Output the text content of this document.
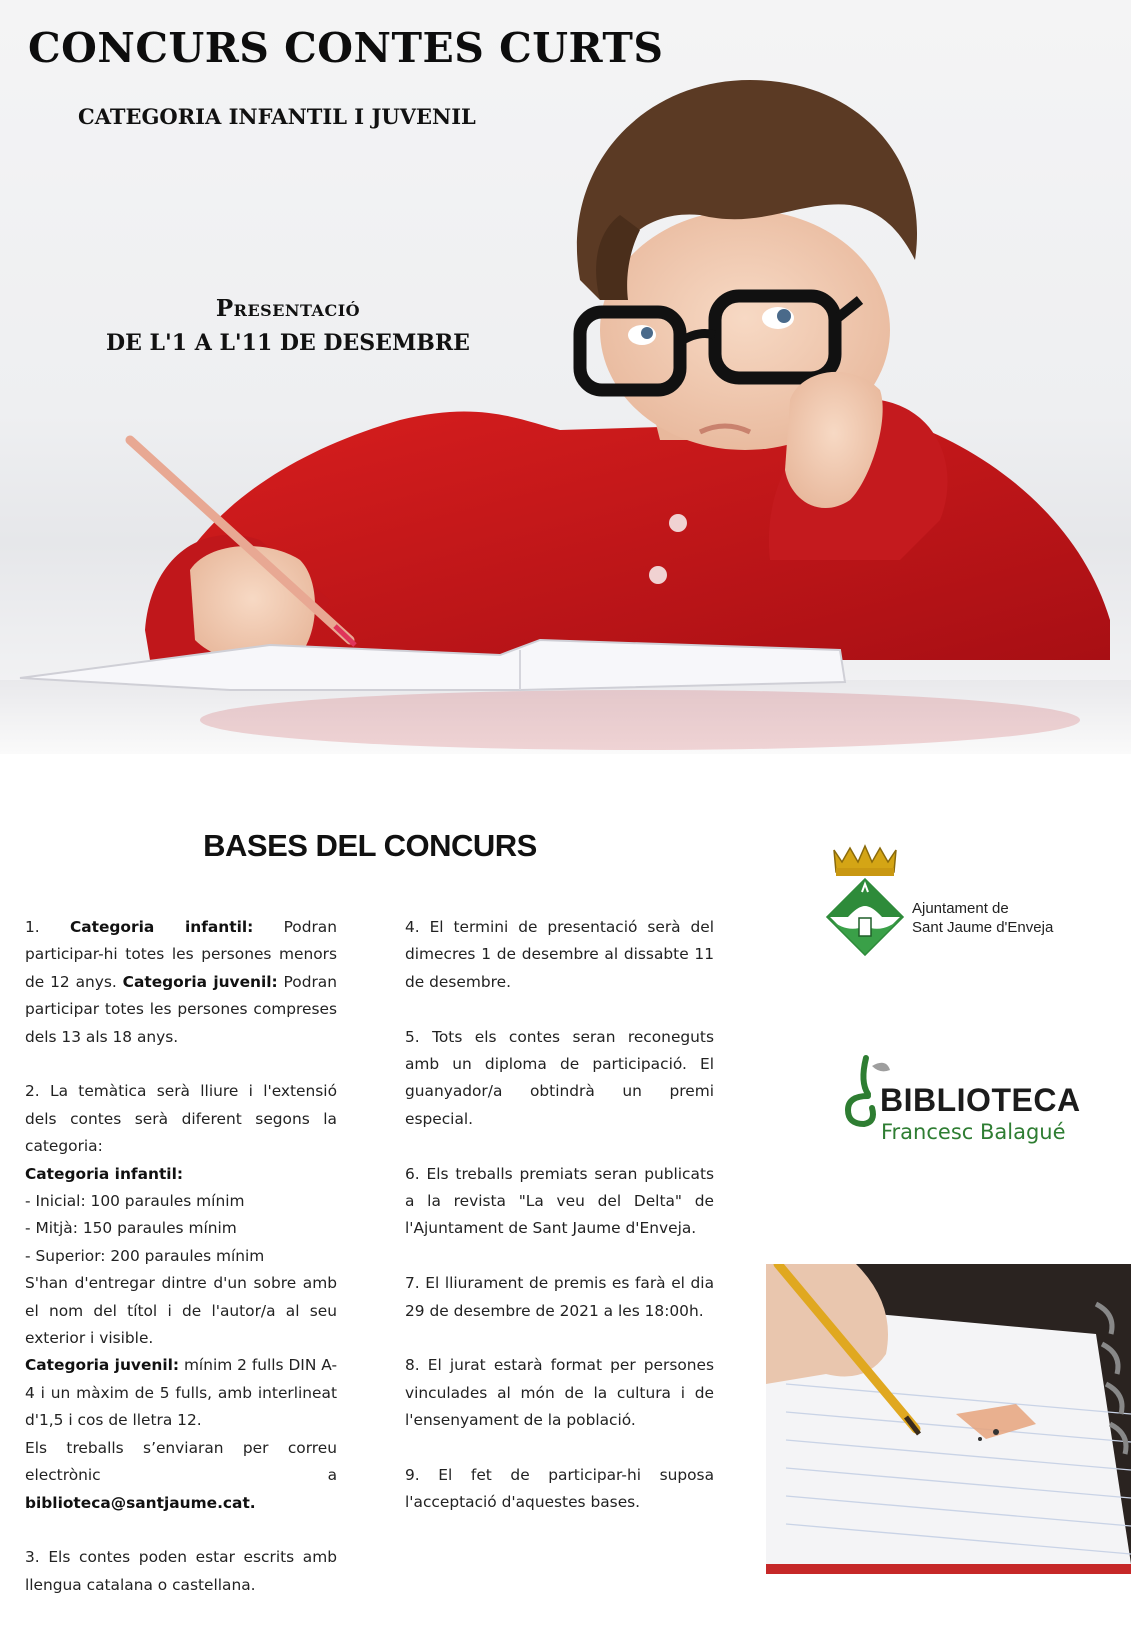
CONCURS CONTES CURTS
CATEGORIA INFANTIL I JUVENIL
Presentació
DE L'1 A L'11 DE DESEMBRE
BASES DEL CONCURS

1. Categoria infantil: Podran participar-hi totes les persones menors de 12 anys. Categoria juvenil: Podran participar totes les persones compreses dels 13 als 18 anys.

2. La temàtica serà lliure i l'extensió dels contes serà diferent segons la categoria:
Categoria infantil:
- Inicial: 100 paraules mínim
- Mitjà: 150 paraules mínim
- Superior: 200 paraules mínim
S'han d'entregar dintre d'un sobre amb el nom del títol i de l'autor/a al seu exterior i visible.
Categoria juvenil: mínim 2 fulls DIN A-4 i un màxim de 5 fulls, amb interlineat d'1,5 i cos de lletra 12.
Els treballs s’enviaran per correu electrònic a biblioteca@santjaume.cat.

3. Els contes poden estar escrits amb llengua catalana o castellana.

4. El termini de presentació serà del dimecres 1 de desembre al dissabte 11 de desembre.

5. Tots els contes seran reconeguts amb un diploma de participació. El guanyador/a obtindrà un premi especial.

6. Els treballs premiats seran publicats a la revista "La veu del Delta" de l'Ajuntament de Sant Jaume d'Enveja.

7. El lliurament de premis es farà el dia 29 de desembre de 2021 a les 18:00h.

8. El jurat estarà format per persones vinculades al món de la cultura i de l'ensenyament de la població.

9. El fet de participar-hi suposa l'acceptació d'aquestes bases.

Ajuntament de
Sant Jaume d'Enveja
BIBLIOTECA
Francesc Balagué
